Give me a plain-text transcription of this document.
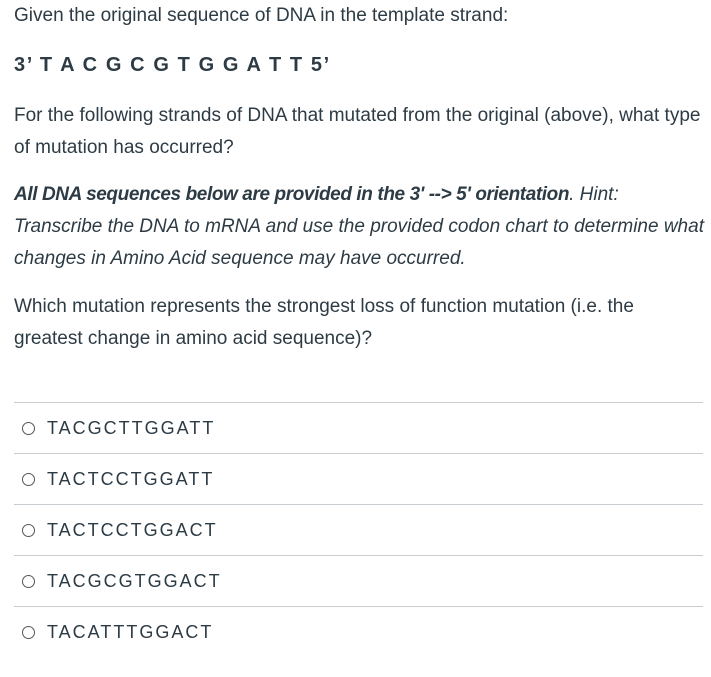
Given the original sequence of DNA in the template strand:

3’ T A C G C G T G G A T T 5’

For the following strands of DNA that mutated from the original (above), what type of mutation has occurred?

All DNA sequences below are provided in the 3' --> 5' orientation. Hint: Transcribe the DNA to mRNA and use the provided codon chart to determine what changes in Amino Acid sequence may have occurred.

Which mutation represents the strongest loss of function mutation (i.e. the greatest change in amino acid sequence)?

TACGCTTGGATT
TACTCCTGGATT
TACTCCTGGACT
TACGCGTGGACT
TACATTTGGACT
